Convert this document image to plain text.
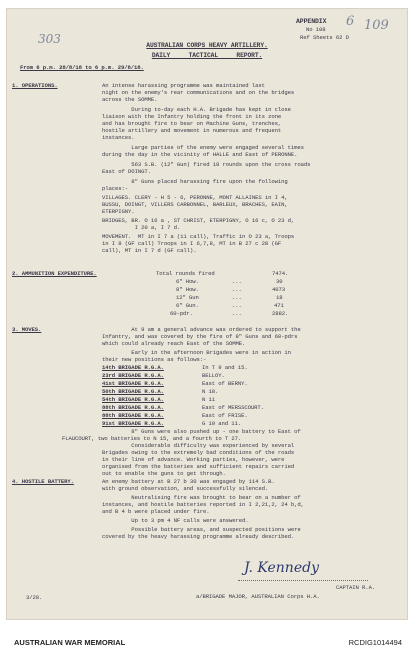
303
6 109
APPENDIX
No 108
Ref Sheets 62 D
AUSTRALIAN CORPS HEAVY ARTILLERY.
DAILY     TACTICAL     REPORT.
From 6 p.m. 28/8/18 to 6 p.m. 29/8/18.
1. OPERATIONS.	An intense harassing programme was maintained last
night on the enemy's rear communications and on the bridges
across the SOMME.
During to-day each H.A. Brigade has kept in close
liaison with the Infantry holding the front in its zone
and has brought fire to bear on Machine Guns, trenches,
hostile artillery and movement in numerous and frequent
instances.
Large parties of the enemy were engaged several times
during the day in the vicinity of HALLE and East of PERONNE.
563 S.B. (12" Gun) fired 18 rounds upon the cross roads
East of DOINGT.
8" Guns placed harassing fire upon the following
places:-
VILLAGES. CLERY - H 5 - 6, PERONNE, MONT ALLAINES in I 4,
BUSSU, DOINGT, VILLERS CARBONNEL, BARLEUX, BRACHES, EAIN,
ETERPIGNY.
BRIDGES, BR. O 16 a , ST CHRIST, ETERPIGNY, O 16 c, O 23 d,
I 20 a, I 7 d.
MOVEMENT.  MT in I 7 a (11 call), Traffic in O 23 a, Troops
in I 8 (GF call) Troops in I 6,7,8, MT in B 27 c 28 (GF
call), MT in I 7 d (GF call).
2. AMMUNITION EXPENDITURE.	Total rounds fired	7474.
6" How.	...	30
8" How.	...	4073
12" Gun	...	18
6" Gun.	...	471
60-pdr.	...	2882.
3. MOVES.	At 9 am a general advance was ordered to support the
Infantry, and was covered by the fire of 8" Guns and 60-pdrs
which could already reach East of the SOMME.
Early in the afternoon Brigades were in action in
their new positions as follows:-
14th BRIGADE R.G.A.	In T 9 and 15.
23rd BRIGADE R.G.A.	BELLOY.
41st BRIGADE R.G.A.	East of BERNY.
50th BRIGADE R.G.A.	N 18.
54th BRIGADE R.G.A.	N 11
88th BRIGADE R.G.A.	East of MERSSCOURT.
88th BRIGADE R.G.A.	East of FRISE.
91st BRIGADE R.G.A.	G 10 and 11.
8" Guns were also pushed up - one battery to East of
FLAUCOURT, two batteries to N 15, and a fourth to T 27.
Considerable difficulty was experienced by several
Brigades owing to the extremely bad conditions of the roads
in their line of advance. Working parties, however, were
organised from the batteries and sufficient repairs carried
out to enable the guns to get through.
4. HOSTILE BATTERY.	An enemy battery at B 27 b 30 was engaged by 114 S.B.
with ground observation, and successfully silenced.
Neutralising fire was brought to bear on a number of
instances, and hostile batteries reported in I 2,21,2, 24 b,d,
and B 4 b were placed under fire.
Up to 3 pm 4 NF calls were answered.
Possible battery areas, and suspected positions were
covered by the heavy harassing programme already described.
J. Kennedy
CAPTAIN R.A.
a/BRIGADE MAJOR, AUSTRALIAN Corps H.A.
3/28.
AUSTRALIAN WAR MEMORIAL	RCDIG1014494
